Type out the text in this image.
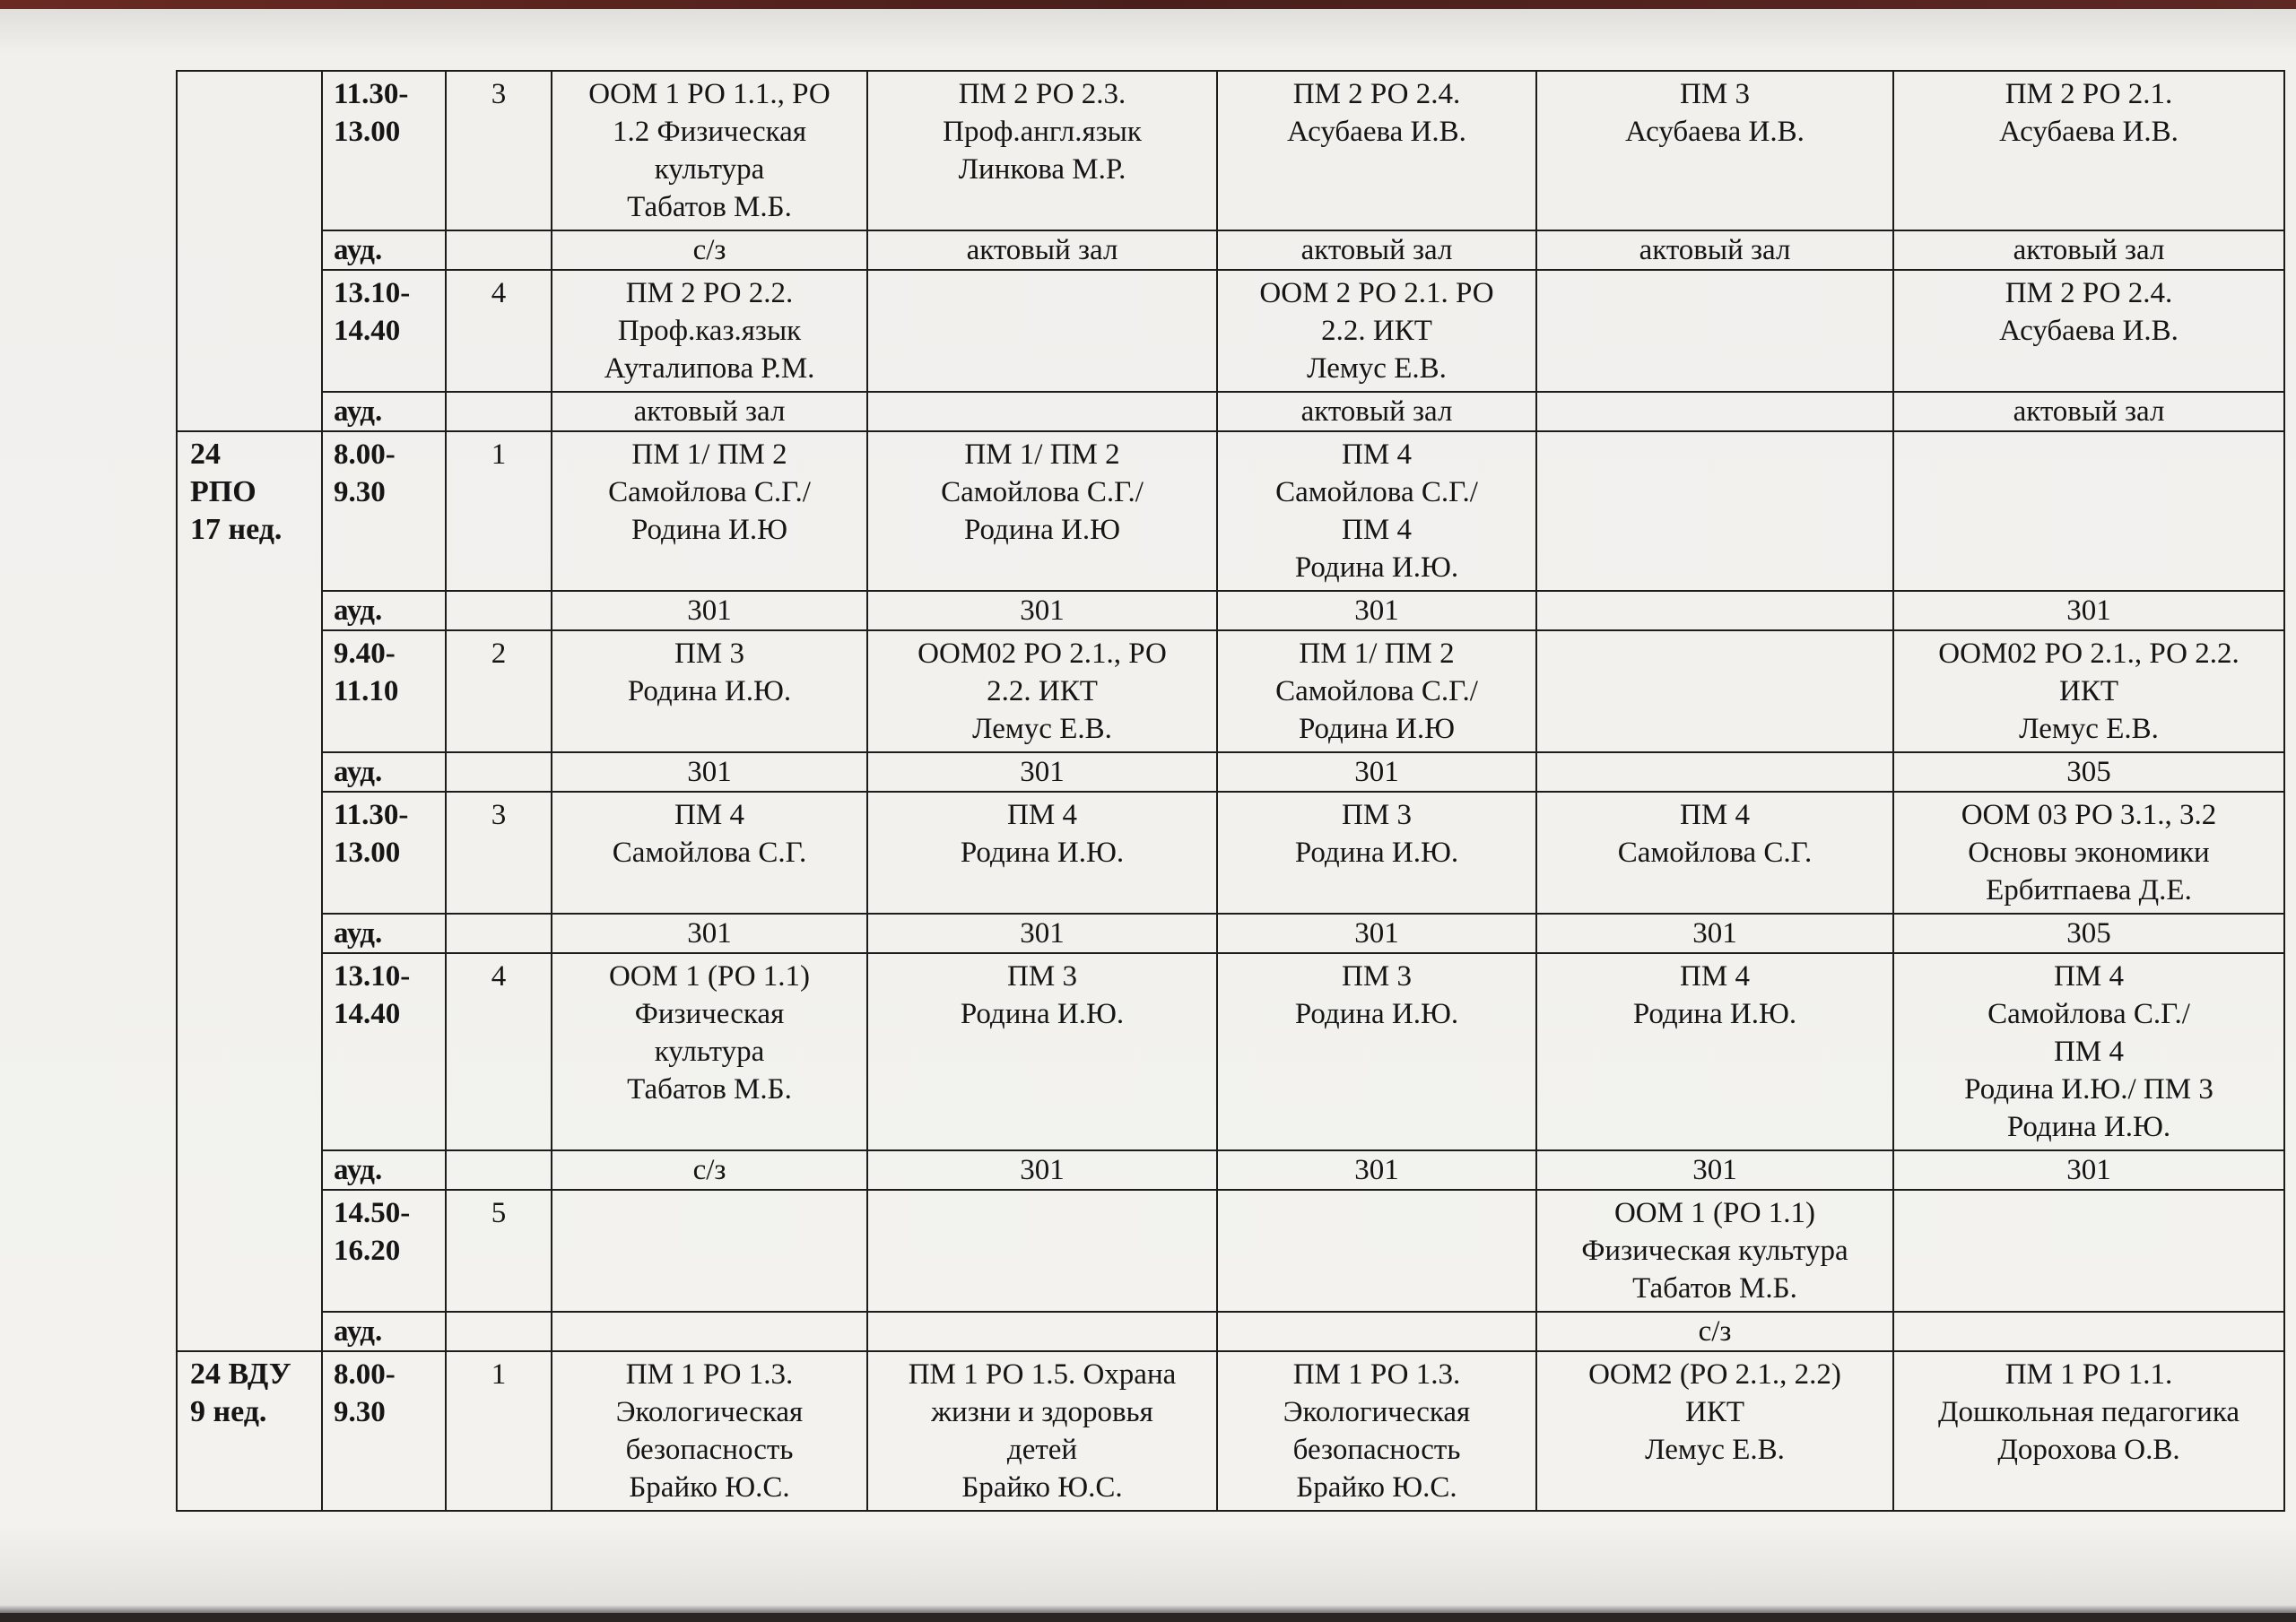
	11.30-
13.00	3	ООМ 1 РО 1.1., РО
1.2 Физическая
культура
Табатов М.Б.	ПМ 2 РО 2.3.
Проф.англ.язык
Линкова М.Р.	ПМ 2 РО 2.4.
Асубаева И.В.	ПМ 3
Асубаева И.В.	ПМ 2 РО 2.1.
Асубаева И.В.
	ауд.		с/з	актовый зал	актовый зал	актовый зал	актовый зал
	13.10-
14.40	4	ПМ 2 РО 2.2.
Проф.каз.язык
Ауталипова Р.М.		ООМ 2 РО 2.1. РО
2.2. ИКТ
Лемус Е.В.		ПМ 2 РО 2.4.
Асубаева И.В.
	ауд.		актовый зал		актовый зал		актовый зал
24
РПО
17 нед.	8.00-
9.30	1	ПМ 1/ ПМ 2
Самойлова С.Г./
Родина И.Ю	ПМ 1/ ПМ 2
Самойлова С.Г./
Родина И.Ю	ПМ 4
Самойлова С.Г./
ПМ 4
Родина И.Ю.		
	ауд.		301	301	301		301
	9.40-
11.10	2	ПМ 3
Родина И.Ю.	ООМ02 РО 2.1., РО
2.2. ИКТ
Лемус Е.В.	ПМ 1/ ПМ 2
Самойлова С.Г./
Родина И.Ю		ООМ02 РО 2.1., РО 2.2.
ИКТ
Лемус Е.В.
	ауд.		301	301	301		305
	11.30-
13.00	3	ПМ 4
Самойлова С.Г.	ПМ 4
Родина И.Ю.	ПМ 3
Родина И.Ю.	ПМ 4
Самойлова С.Г.	ООМ 03 РО 3.1., 3.2
Основы экономики
Ербитпаева Д.Е.
	ауд.		301	301	301	301	305
	13.10-
14.40	4	ООМ 1 (РО 1.1)
Физическая
культура
Табатов М.Б.	ПМ 3
Родина И.Ю.	ПМ 3
Родина И.Ю.	ПМ 4
Родина И.Ю.	ПМ 4
Самойлова С.Г./
ПМ 4
Родина И.Ю./ ПМ 3
Родина И.Ю.
	ауд.		с/з	301	301	301	301
	14.50-
16.20	5				ООМ 1 (РО 1.1)
Физическая культура
Табатов М.Б.	
	ауд.					с/з	
24 ВДУ
9 нед.	8.00-
9.30	1	ПМ 1 РО 1.3.
Экологическая
безопасность
Брайко Ю.С.	ПМ 1 РО 1.5. Охрана
жизни и здоровья
детей
Брайко Ю.С.	ПМ 1 РО 1.3.
Экологическая
безопасность
Брайко Ю.С.	ООМ2 (РО 2.1., 2.2)
ИКТ
Лемус Е.В.	ПМ 1 РО 1.1.
Дошкольная педагогика
Дорохова О.В.
